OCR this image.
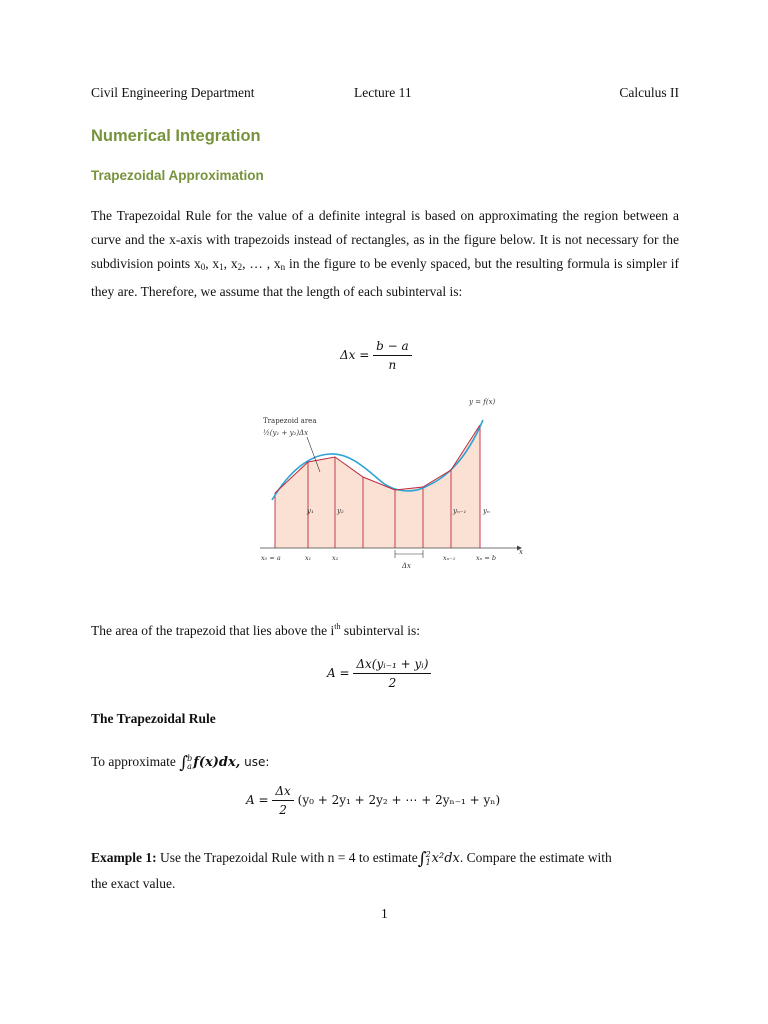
Civil Engineering Department	Lecture 11	Calculus II
Numerical Integration
Trapezoidal Approximation

The Trapezoidal Rule for the value of a definite integral is based on approximating the region between a curve and the x-axis with trapezoids instead of rectangles, as in the figure below. It is not necessary for the subdivision points $x_0$, $x_1$, $x_2$, … , $x_n$ in the figure to be evenly spaced, but the resulting formula is simpler if they are. Therefore, we assume that the length of each subinterval is:

$\Delta x = \frac{b - a}{n}$
x
y = f(x)
Trapezoid area
½(y₁ + y₂)Δx
y₁	y₂	yₙ₋₁ yₙ
x₀ = a	x₁	x₂	xₙ₋₁	xₙ = b
Δx
The area of the trapezoid that lies above the $i^{th}$ subinterval is:
$A = \frac{\text{Δx(yᵢ₋₁ + yᵢ)}}{2}$
The Trapezoidal Rule
To approximate ∫ b
a f(x)dx, use:
$A = \frac{\Delta x}{2} (y_0 + 2y_1 + 2y_2$ + ⋯ + 2yₙ₋₁ + yₙ)
Example 1: Use the Trapezoidal Rule with n = 4 to estimate∫ 2
1 x²dx. Compare the estimate with
the exact value.
1
